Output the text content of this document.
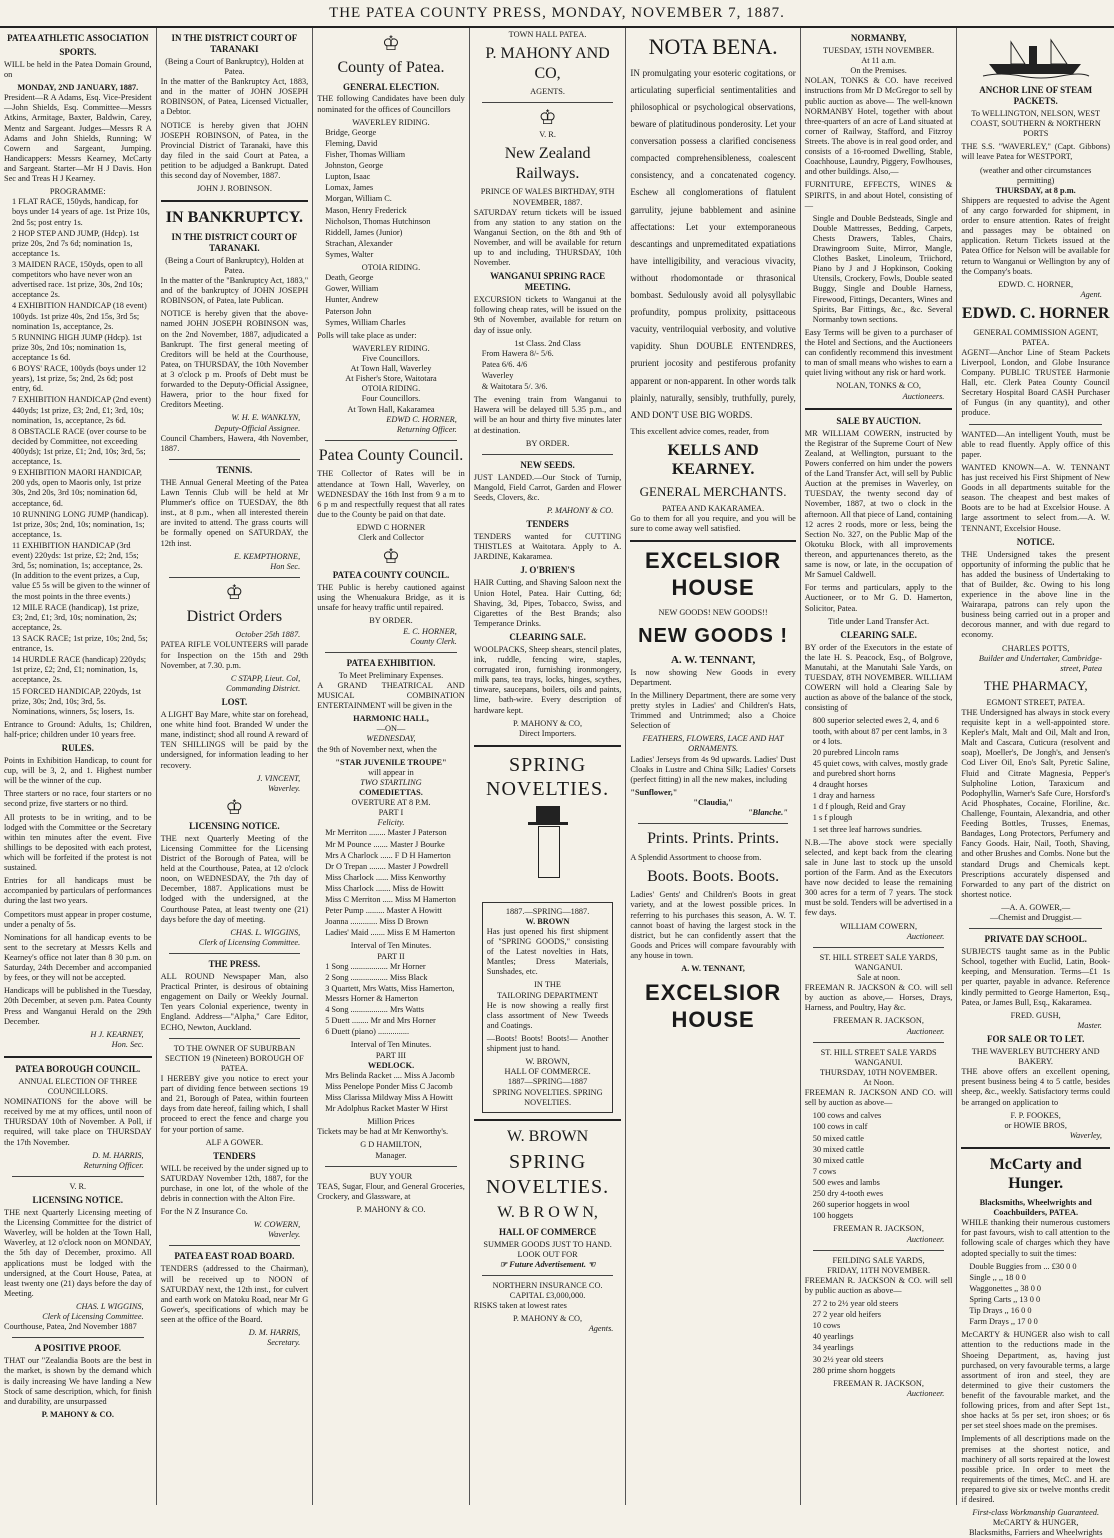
THE PATEA COUNTY PRESS, MONDAY, NOVEMBER 7, 1887.
PATEA ATHLETIC ASSOCIATION
SPORTS.

WILL be held in the Patea Domain Ground, on

MONDAY, 2ND JANUARY, 1887.

President—R A Adams, Esq. Vice-President—John Shields, Esq. Committee—Messrs Atkins, Armitage, Baxter, Baldwin, Carey, Mentz and Sargeant. Judges—Messrs R A Adams and John Shields, Running; W Cowern and Sargeant, Jumping. Handicappers: Messrs Kearney, McCarty and Sargeant. Starter—Mr H J Davis. Hon Sec and Treas H J Kearney.

PROGRAMME:
1 FLAT RACE, 150yds, handicap, for boys under 14 years of age. 1st Prize 10s, 2nd 5s; post entry 1s.
2 HOP STEP AND JUMP, (Hdcp). 1st prize 20s, 2nd 7s 6d; nomination 1s, acceptance 1s.
3 MAIDEN RACE, 150yds, open to all competitors who have never won an advertised race. 1st prize, 30s, 2nd 10s; acceptance 2s.
4 EXHIBITION HANDICAP (18 event) 100yds. 1st prize 40s, 2nd 15s, 3rd 5s; nomination 1s, acceptance, 2s.
5 RUNNING HIGH JUMP (Hdcp). 1st prize 30s, 2nd 10s; nomination 1s, acceptance 1s 6d.
6 BOYS' RACE, 100yds (boys under 12 years), 1st prize, 5s; 2nd, 2s 6d; post entry, 6d.
7 EXHIBITION HANDICAP (2nd event) 440yds; 1st prize, £3; 2nd, £1; 3rd, 10s; nomination, 1s, acceptance, 2s 6d.
8 OBSTACLE RACE (over course to be decided by Committee, not exceeding 400yds); 1st prize, £1; 2nd, 10s; 3rd, 5s; acceptance, 1s.
9 EXHIBITION MAORI HANDICAP, 200 yds, open to Maoris only, 1st prize 30s, 2nd 20s, 3rd 10s; nomination 6d, acceptance, 6d.
10 RUNNING LONG JUMP (handicap). 1st prize, 30s; 2nd, 10s; nomination, 1s; acceptance, 1s.
11 EXHIBITION HANDICAP (3rd event) 220yds: 1st prize, £2; 2nd, 15s; 3rd, 5s; nomination, 1s; acceptance, 2s. (In addition to the event prizes, a Cup, value £5 5s will be given to the winner of the most points in the three events.)
12 MILE RACE (handicap), 1st prize, £3; 2nd, £1; 3rd, 10s; nomination, 2s; acceptance, 2s.
13 SACK RACE; 1st prize, 10s; 2nd, 5s; entrance, 1s.
14 HURDLE RACE (handicap) 220yds; 1st prize, £2; 2nd, £1; nomination, 1s, acceptance, 2s.
15 FORCED HANDICAP, 220yds, 1st prize, 30s; 2nd, 10s; 3rd, 5s. Nominations, winners, 5s; losers, 1s.

Entrance to Ground: Adults, 1s; Children, half-price; children under 10 years free.

RULES.

Points in Exhibition Handicap, to count for cup, will be 3, 2, and 1. Highest number will be the winner of the cup.

Three starters or no race, four starters or no second prize, five starters or no third.

All protests to be in writing, and to be lodged with the Committee or the Secretary within ten minutes after the event. Five shillings to be deposited with each protest, which will be forfeited if the protest is not sustained.

Entries for all handicaps must be accompanied by particulars of performances during the last two years.

Competitors must appear in proper costume, under a penalty of 5s.

Nominations for all handicap events to be sent to the secretary at Messrs Kells and Kearney's office not later than 8 30 p.m. on Saturday, 24th December and accompanied by fees, or they will not be accepted.

Handicaps will be published in the Tuesday, 20th December, at seven p.m. Patea County Press and Wanganui Herald on the 29th December.

H J. KEARNEY,
Hon. Sec.
PATEA BOROUGH COUNCIL.
ANNUAL ELECTION OF THREE COUNCILLORS.

NOMINATIONS for the above will be received by me at my offices, until noon of THURSDAY 10th of November. A Poll, if required, will take place on THURSDAY the 17th November.

D. M. HARRIS,
Returning Officer.
V. R.
LICENSING NOTICE.

THE next Quarterly Licensing meeting of the Licensing Committee for the district of Waverley, will be holden at the Town Hall, Waverley, at 12 o'clock noon on MONDAY, the 5th day of December, proximo. All applications must be lodged with the undersigned, at the Court House, Patea, at least twenty one (21) days before the day of Meeting.

CHAS. L WIGGINS,
Clerk of Licensing Committee.

Courthouse, Patea, 2nd November 1887

A POSITIVE PROOF.

THAT our "Zealandia Boots are the best in the market, is shown by the demand which is daily increasing We have landing a New Stock of same description, which, for finish and durability, are unsurpassed

P. MAHONY & CO.
IN THE DISTRICT COURT OF TARANAKI
(Being a Court of Bankruptcy), Holden at Patea.

In the matter of the Bankruptcy Act, 1883, and in the matter of JOHN JOSEPH ROBINSON, of Patea, Licensed Victualler, a Debtor.

NOTICE is hereby given that JOHN JOSEPH ROBINSON, of Patea, in the Provincial District of Taranaki, have this day filed in the said Court at Patea, a petition to be adjudged a Bankrupt. Dated this second day of November, 1887.

JOHN J. ROBINSON.
IN BANKRUPTCY.
IN THE DISTRICT COURT OF TARANAKI.
(Being a Court of Bankruptcy), Holden at Patea.

In the matter of the "Bankruptcy Act, 1883," and of the bankruptcy of JOHN JOSEPH ROBINSON, of Patea, late Publican.

NOTICE is hereby given that the above-named JOHN JOSEPH ROBINSON was, on the 2nd November, 1887, adjudicated a Bankrupt. The first general meeting of Creditors will be held at the Courthouse, Patea, on THURSDAY, the 10th November at 3 o'clock p m. Proofs of Debt must be forwarded to the Deputy-Official Assignee, Hawera, prior to the hour fixed for Creditors Meeting.

W. H. E. WANKLYN,
Deputy-Official Assignee.

Council Chambers, Hawera, 4th November, 1887.

TENNIS.

THE Annual General Meeting of the Patea Lawn Tennis Club will be held at Mr Plummer's office on TUESDAY, the 8th inst., at 8 p.m., when all interested therein are invited to attend. The grass courts will be formally opened on SATURDAY, the 12th inst.

E. KEMPTHORNE,
Hon Sec.
♔
District Orders
October 25th 1887.

PATEA RIFLE VOLUNTEERS will parade for Inspection on the 15th and 29th November, at 7.30. p.m.

C STAPP, Lieut. Col,
Commanding District.
LOST.

A LIGHT Bay Mare, white star on forehead, one white hind foot. Branded W under the mane, indistinct; shod all round A reward of TEN SHILLINGS will be paid by the undersigned, for information leading to her recovery.

J. VINCENT,
Waverley.
♔
LICENSING NOTICE.

THE next Quarterly Meeting of the Licensing Committee for the Licensing District of the Borough of Patea, will be held at the Courthouse, Patea, at 12 o'clock noon, on WEDNESDAY, the 7th day of December, 1887. Applications must be lodged with the undersigned, at the Courthouse Patea, at least twenty one (21) days before the day of meeting.

CHAS. L. WIGGINS,
Clerk of Licensing Committee.
THE PRESS.

ALL ROUND Newspaper Man, also Practical Printer, is desirous of obtaining engagement on Daily or Weekly Journal. Ten years Colonial experience, twenty in England. Address—"Alpha," Care Editor, ECHO, Newton, Auckland.

TO THE OWNER OF SUBURBAN SECTION 19 (Nineteen) BOROUGH OF PATEA.

I HEREBY give you notice to erect your part of dividing fence between sections 19 and 21, Borough of Patea, within fourteen days from date hereof, failing which, I shall proceed to erect the fence and charge you for your portion of same.

ALF A GOWER.
TENDERS

WILL be received by the under signed up to SATURDAY November 12th, 1887, for the purchase, in one lot, of the whole of the debris in connection with the Alton Fire.

For the N Z Insurance Co.

W. COWERN,
Waverley.
PATEA EAST ROAD BOARD.

TENDERS (addressed to the Chairman), will be received up to NOON of SATURDAY next, the 12th inst., for culvert and earth work on Matoku Road, near Mr G Gower's, specifications of which may be seen at the office of the Board.

D. M. HARRIS,
Secretary.
♔
County of Patea.
GENERAL ELECTION.

THE following Candidates have been duly nominated for the offices of Councillors

WAVERLEY RIDING.
Bridge, George
Fleming, David
Fisher, Thomas William
Johnston, George
Lupton, Isaac
Lomax, James
Morgan, William C.
Mason, Henry Frederick
Nicholson, Thomas Hutchinson
Riddell, James (Junior)
Strachan, Alexander
Symes, Walter
OTOIA RIDING.
Death, George
Gower, William
Hunter, Andrew
Paterson John
Symes, William Charles

Polls will take place as under:

WAVERLEY RIDING.
Five Councillors.
At Town Hall, Waverley
At Fisher's Store, Waitotara
OTOIA RIDING.
Four Councillors.
At Town Hall, Kakaramea
EDWD C. HORNER,
Returning Officer.
Patea County Council.

THE Collector of Rates will be in attendance at Town Hall, Waverley, on WEDNESDAY the 16th Inst from 9 a m to 6 p m and respectfully request that all rates due to the County be paid on that date.

EDWD C HORNER
Clerk and Collector
♔
PATEA COUNTY COUNCIL.

THE Public is hereby cautioned against using the Whenuakura Bridge, as it is unsafe for heavy traffic until repaired.

BY ORDER.
E. C. HORNER,
County Clerk.
PATEA EXHIBITION.
To Meet Preliminary Expenses.

A GRAND THEATRICAL AND MUSICAL COMBINATION ENTERTAINMENT will be given in the

HARMONIC HALL,
—ON—
WEDNESDAY,

the 9th of November next, when the

"STAR JUVENILE TROUPE"
will appear in
TWO STARTLING
COMEDIETTAS.
OVERTURE AT 8 P.M.
PART I
Felicity.
Mr Merriton ........ Master J Paterson
Mr M Pounce ....... Master J Bourke
Mrs A Charlock ...... F D H Hamerton
Dr O Trepan ........ Master J Powdrell
Miss Charlock ...... Miss Kenworthy
Miss Charlock ....... Miss de Howitt
Miss C Merriton ..... Miss M Hamerton
Peter Pump ......... Master A Howitt
Joanna ............. Miss D Brown
Ladies' Maid ....... Miss E M Hamerton
Interval of Ten Minutes.
PART II
1 Song .................. Mr Horner
2 Song .................. Miss Black
3 Quartett, Mrs Watts, Miss Hamerton, Messrs Horner & Hamerton
4 Song .................. Mrs Watts
5 Duett ........ Mr and Mrs Horner
6 Duett (piano) ...............
Interval of Ten Minutes.
PART III
WEDLOCK.
Mrs Belinda Racket .... Miss A Jacomb
Miss Penelope Ponder Miss C Jacomb
Miss Clarissa Mildway Miss A Howitt
Mr Adolphus Racket Master W Hirst
Million Prices

Tickets may be had at Mr Kenworthy's.

G D HAMILTON,
Manager.
BUY YOUR

TEAS, Sugar, Flour, and General Groceries, Crockery, and Glassware, at

P. MAHONY & CO.
TOWN HALL PATEA.
P. MAHONY AND CO,
AGENTS.
♔
V. R.
New Zealand Railways.
PRINCE OF WALES BIRTHDAY, 9TH NOVEMBER, 1887.

SATURDAY return tickets will be issued from any station to any station on the Wanganui Section, on the 8th and 9th of November, and will be available for return up to and including, THURSDAY, 10th November.

WANGANUI SPRING RACE MEETING.

EXCURSION tickets to Wanganui at the following cheap rates, will be issued on the 9th of November, available for return on day of issue only.

1st Class. 2nd Class
From Hawera 8/- 5/6.
Patea 6/6. 4/6
Waverley
& Waitotara 5/. 3/6.

The evening train from Wanganui to Hawera will be delayed till 5.35 p.m., and will be an hour and thirty five minutes later at destination.

BY ORDER.
NEW SEEDS.

JUST LANDED.—Our Stock of Turnip, Mangold, Field Carrot, Garden and Flower Seeds, Clovers, &c.

P. MAHONY & CO.
TENDERS

TENDERS wanted for CUTTING THISTLES at Waitotara. Apply to A. JARDINE, Kakaramea.

J. O'BRIEN'S

HAIR Cutting, and Shaving Saloon next the Union Hotel, Patea. Hair Cutting, 6d; Shaving, 3d, Pipes, Tobacco, Swiss, and Cigarettes of the Best Brands; also Temperance Drinks.

CLEARING SALE.

WOOLPACKS, Sheep shears, stencil plates, ink, ruddle, fencing wire, staples, corrugated iron, furnishing ironmongery, milk pans, tea trays, locks, hinges, scythes, tinware, saucepans, boilers, oils and paints, lime, bath-wire. Every description of hardware kept.

P. MAHONY & CO,
Direct Importers.
SPRING NOVELTIES.
1887.—SPRING—1887.
W. BROWN

Has just opened his first shipment of "SPRING GOODS," consisting of the Latest novelties in Hats, Mantles; Dress Materials, Sunshades, etc.

IN THE
TAILORING DEPARTMENT

He is now showing a really first class assortment of New Tweeds and Coatings.

—Boots! Boots! Boots!— Another shipment just to hand.

W. BROWN,
HALL OF COMMERCE.
1887—SPRING—1887
SPRING NOVELTIES. SPRING NOVELTIES.
W. BROWN
SPRING NOVELTIES.
W. B R O W N,
HALL OF COMMERCE
SUMMER GOODS JUST TO HAND.
LOOK OUT FOR
☞ Future Advertisement. ☜
NORTHERN INSURANCE CO.
CAPITAL £3,000,000.

RISKS taken at lowest rates

P. MAHONY & CO,
Agents.
NOTA BENA.

IN promulgating your esoteric cogitations, or articulating superficial sentimentalities and philosophical or psychological observations, beware of platitudinous ponderosity. Let your conversation possess a clarified conciseness compacted comprehensibleness, coalescent consistency, and a concatenated cogency. Eschew all conglomerations of flatulent garrulity, jejune babblement and asinine affectations: Let your extemporaneous descantings and unpremeditated expatiations have intelligibility, and veracious vivacity, without rhodomontade or thrasonical bombast. Sedulously avoid all polysyllabic profundity, pompus prolixity, psittaceous vacuity, ventriloquial verbosity, and volutive vapidity. Shun DOUBLE ENTENDRES, prurient jocosity and pestiferous profanity apparent or non-apparent. In other words talk plainly, naturally, sensibly, truthfully, purely, AND DON'T USE BIG WORDS.

This excellent advice comes, reader, from

KELLS AND KEARNEY.
GENERAL MERCHANTS.
PATEA AND KAKARAMEA.

Go to them for all you require, and you will be sure to come away well satisfied.

EXCELSIOR HOUSE
NEW GOODS! NEW GOODS!!
NEW GOODS !
A. W. TENNANT,

Is now showing New Goods in every Department.

In the Millinery Department, there are some very pretty styles in Ladies' and Children's Hats, Trimmed and Untrimmed; also a Choice Selection of

FEATHERS, FLOWERS, LACE AND HAT ORNAMENTS.

Ladies' Jerseys from 4s 9d upwards. Ladies' Dust Cloaks in Lustre and China Silk; Ladies' Corsets (perfect fitting) in all the new makes, including

"Sunflower,"
"Claudia,"
"Blanche."
Prints. Prints. Prints.

A Splendid Assortment to choose from.

Boots. Boots. Boots.

Ladies' Gents' and Children's Boots in great variety, and at the lowest possible prices. In referring to his purchases this season, A. W. T. cannot boast of having the largest stock in the district, but he can confidently assert that the Goods and Prices will compare favourably with any house in town.

A. W. TENNANT,
EXCELSIOR HOUSE
NORMANBY,
TUESDAY, 15TH NOVEMBER.
At 11 a.m.
On the Premises.

NOLAN, TONKS & CO. have received instructions from Mr D McGregor to sell by public auction as above— The well-known NORMANBY Hotel, together with about three-quarters of an acre of Land situated at corner of Railway, Stafford, and Fitzroy Streets. The above is in real good order, and consists of a 16-roomed Dwelling, Stable, Coachhouse, Laundry, Piggery, Fowlhouses, and other buildings. Also,—

FURNITURE, EFFECTS, WINES & SPIRITS, in and about Hotel, consisting of—

Single and Double Bedsteads, Single and Double Mattresses, Bedding, Carpets, Chests Drawers, Tables, Chairs, Drawingroom Suite, Mirror, Mangle, Clothes Basket, Linoleum, Triichord, Piano by J and J Hopkinson, Cooking Utensils, Crockery, Fowls, Double seated Buggy, Single and Double Harness, Firewood, Fittings, Decanters, Wines and Spirits, Bar Fittings, &c., &c. Several Normanby town sections.

Easy Terms will be given to a purchaser of the Hotel and Sections, and the Auctioneers can confidently recommend this investment to man of small means who wishes to earn a quiet living without any risk or hard work.

NOLAN, TONKS & CO,
Auctioneers.
SALE BY AUCTION.

MR WILLIAM COWERN, instructed by the Registrar of the Supreme Court of New Zealand, at Wellington, pursuant to the Powers conferred on him under the powers of the Land Transfer Act, will sell by Public Auction at the premises in Waverley, on TUESDAY, the twenty second day of November, 1887, at two o clock in the afternoon. All that piece of Land, containing 12 acres 2 roods, more or less, being the Section No. 327, on the Public Map of the Okotuku Block, with all improvements thereon, and appurtenances thereto, as the same is now, or late, in the occupation of Mr Samuel Caldwell.

For terms and particulars, apply to the Auctioneer, or to Mr G. D. Hamerton, Solicitor, Patea.

Title under Land Transfer Act.
CLEARING SALE.

BY order of the Executors in the estate of the late H. S. Peacock, Esq., of Bolgrove, Manutahi, at the Manutahi Sale Yards, on TUESDAY, 8TH NOVEMBER. WILLIAM COWERN will hold a Clearing Sale by auction as above of the balance of the stock, consisting of

800 superior selected ewes 2, 4, and 6 tooth, with about 87 per cent lambs, in 3 or 4 lots.
20 purebred Lincoln rams
45 quiet cows, with calves, mostly grade and purebred short horns
4 draught horses
1 dray and harness
1 d f plough, Reid and Gray
1 s f plough
1 set three leaf harrows sundries.

N.B.—The above stock were specially selected, and kept back from the clearing sale in June last to stock up the unsold portion of the Farm. And as the Executors have now decided to lease the remaining 300 acres for a term of 7 years. The stock must be sold. Tenders will be advertised in a few days.

WILLIAM COWERN,
Auctioneer.
ST. HILL STREET SALE YARDS, WANGANUI.
Sale at noon.

FREEMAN R. JACKSON & CO. will sell by auction as above,— Horses, Drays, Harness, and Poultry, Hay &c.

FREEMAN R. JACKSON,
Auctioneer.
ST. HILL STREET SALE YARDS WANGANUI.
THURSDAY, 10TH NOVEMBER.
At Noon.

FREEMAN R. JACKSON AND CO. will sell by auction as above—

100 cows and calves
100 cows in calf
50 mixed cattle
30 mixed cattle
30 mixed cattle
7 cows
500 ewes and lambs
250 dry 4-tooth ewes
260 superior hoggets in wool
100 hoggets
FREEMAN R. JACKSON,
Auctioneer.
FEILDING SALE YARDS,
FRIDAY, 11TH NOVEMBER.

FREEMAN R. JACKSON & CO. will sell by public auction as above—

27 2 to 2½ year old steers
27 2 year old heifers
10 cows
40 yearlings
34 yearlings
30 2½ year old steers
280 prime shorn hoggets
FREEMAN R. JACKSON,
Auctioneer.
ANCHOR LINE OF STEAM PACKETS.

To WELLINGTON, NELSON, WEST COAST, SOUTHERN & NORTHERN PORTS

THE S.S. "WAVERLEY," (Capt. Gibbons) will leave Patea for WESTPORT,

(weather and other circumstances permitting)
THURSDAY, at 8 p.m.

Shippers are requested to advise the Agent of any cargo forwarded for shipment, in order to ensure attention. Rates of freight and passages may be obtained on application. Return Tickets issued at the Patea Office for Nelson will be available for return to Wanganui or Wellington by any of the Company's boats.

EDWD. C. HORNER,
Agent.
EDWD. C. HORNER
GENERAL COMMISSION AGENT, PATEA.

AGENT—Anchor Line of Steam Packets Liverpool, London, and Globe Insurance Company. PUBLIC TRUSTEE Harmonie Hall, etc. Clerk Patea County Council Secretary Hospital Board CASH Purchaser of Fungus (in any quantity), and other produce.

WANTED—An intelligent Youth, must be able to read fluently. Apply office of this paper.

WANTED KNOWN—A. W. TENNANT has just received his First Shipment of New Goods in all departments suitable for the season. The cheapest and best makes of Boots are to be had at Excelsior House. A large assortment to select from.—A. W. TENNANT, Excelsior House.

NOTICE.

THE Undersigned takes the present opportunity of informing the public that he has added the business of Undertaking to that of Builder, &c. Owing to his long experience in the above line in the Wairarapa, patrons can rely upon the business being carried out in a proper and decorous manner, and with due regard to economy.

CHARLES POTTS,
Builder and Undertaker, Cambridge-street, Patea
THE PHARMACY,
EGMONT STREET, PATEA.

THE Undersigned has always in stock every requisite kept in a well-appointed store. Kepler's Malt, Malt and Oil, Malt and Iron, Malt and Cascara, Cuticura (resolvent and soap), Moeller's, De Jongh's, and Jensen's Cod Liver Oil, Eno's Salt, Pyretic Saline, Fluid and Citrate Magnesia, Pepper's Sulpholine Lotion, Taraxicum and Podophyllin, Warner's Safe Cure, Horsford's Acid Phosphates, Cocaine, Floriline, &c. Challenge, Fountain, Alexandria, and other Feeding Bottles, Trusses, Enemas, Bandages, Long Protectors, Perfumery and Fancy Goods. Hair, Nail, Tooth, Shaving, and other Brushes and Combs. None but the standard Drugs and Chemicals kept. Prescriptions accurately dispensed and Forwarded to any part of the district on shortest notice.

—A. A. GOWER,—
—Chemist and Druggist.—
PRIVATE DAY SCHOOL.

SUBJECTS taught same as in the Public School, together with Euclid, Latin, Book-keeping, and Mensuration. Terms—£1 1s per quarter, payable in advance. Reference kindly permitted to George Hamerton, Esq., Patea, or James Bull, Esq., Kakaramea.

FRED. GUSH,
Master.
FOR SALE OR TO LET.
THE WAVERLEY BUTCHERY AND BAKERY.

THE above offers an excellent opening, present business being 4 to 5 cattle, besides sheep, &c., weekly. Satisfactory terms could be arranged on application to

F. P. FOOKES,
or HOWIE BROS,
Waverley,
McCarty and Hunger.
Blacksmiths, Wheelwrights and Coachbuilders, PATEA.

WHILE thanking their numerous customers for past favours, wish to call attention to the following scale of charges which they have adopted specially to suit the times:

Double Buggies from ... £30 0 0
Single ,, ,, 18 0 0
Waggonettes ,, 38 0 0
Spring Carts ,, 13 0 0
Tip Drays ,, 16 0 0
Farm Drays ,, 17 0 0

McCARTY & HUNGER also wish to call attention to the reductions made in the Shoeing Department, as, having just purchased, on very favourable terms, a large assortment of iron and steel, they are determined to give their customers the benefit of the favourable market, and the following prices, from and after Sept 1st., shoe hacks at 5s per set, iron shoes; or 6s per set steel shoes made on the premises.

Implements of all descriptions made on the premises at the shortest notice, and machinery of all sorts repaired at the lowest possible price. In order to meet the requirements of the times, McC. and H. are prepared to give six or twelve months credit if desired.

First-class Workmanship Guaranteed.
McCARTY & HUNGER,
Blacksmiths, Farriers and Wheelwrights
